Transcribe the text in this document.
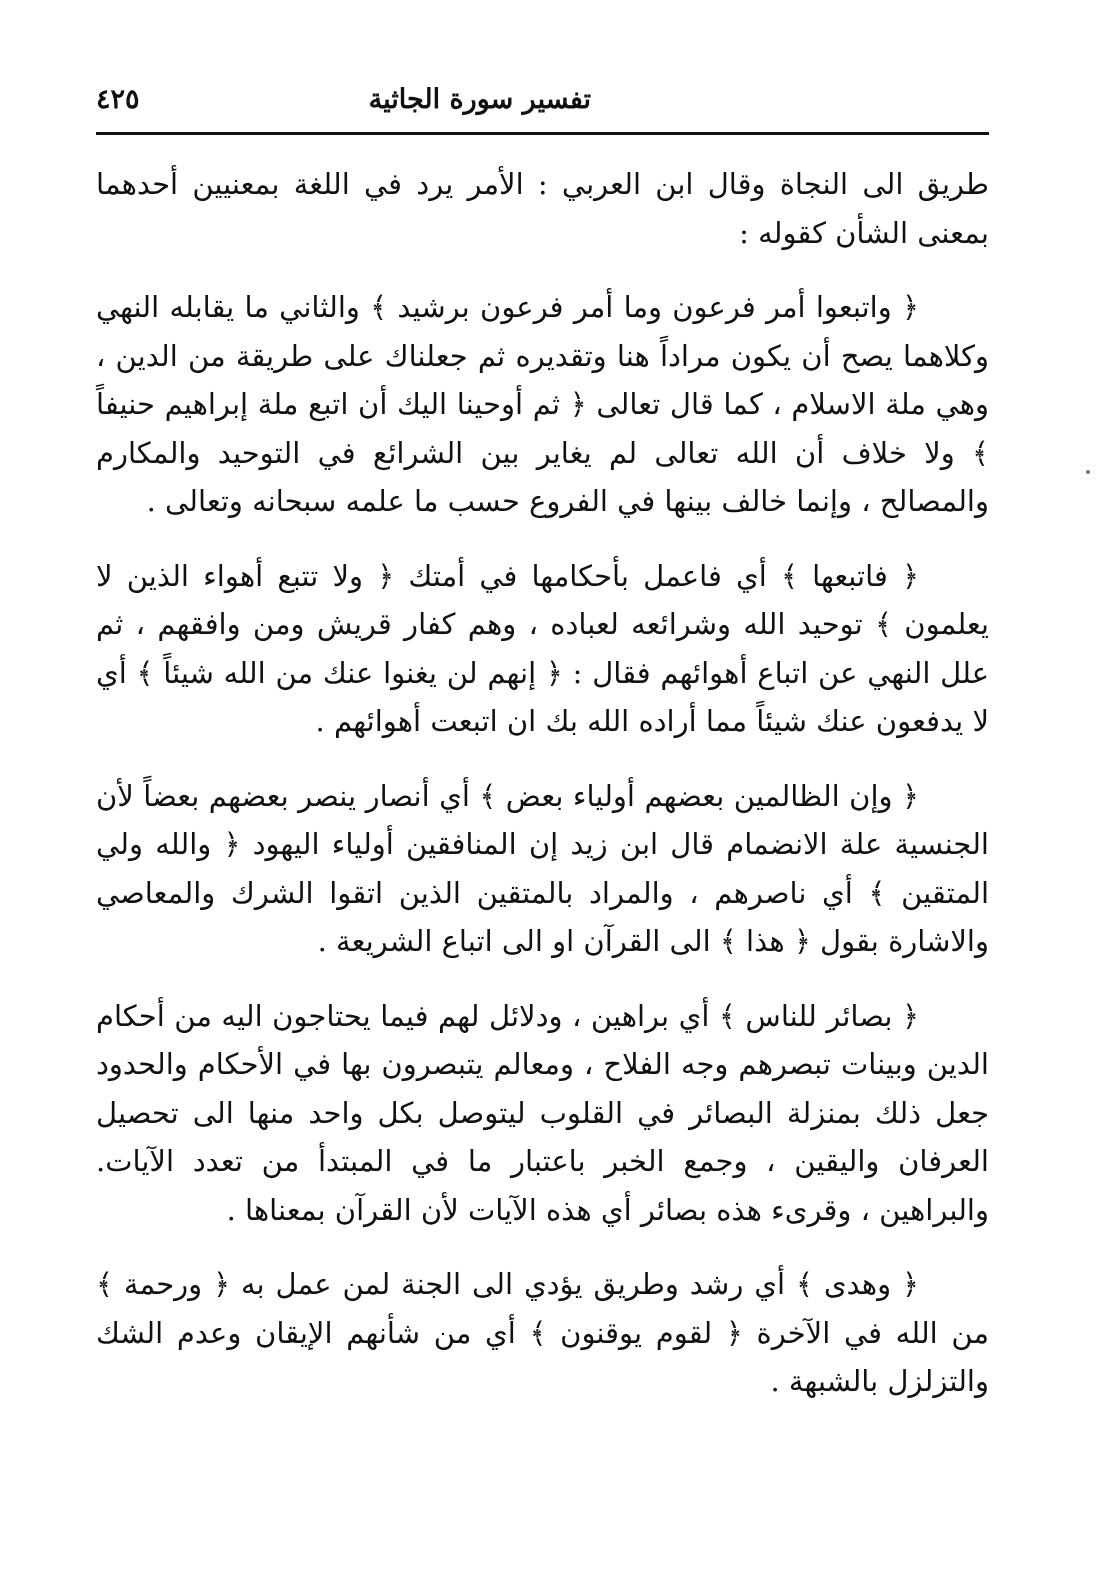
تفسير سورة الجاثية
٤٢٥

طريق الى النجاة وقال ابن العربي : الأمر يرد في اللغة بمعنيين أحدهما بمعنى الشأن كقوله :

﴿ واتبعوا أمر فرعون وما أمر فرعون برشيد ﴾ والثاني ما يقابله النهي وكلاهما يصح أن يكون مراداً هنا وتقديره ثم جعلناك على طريقة من الدين ، وهي ملة الاسلام ، كما قال تعالى ﴿ ثم أوحينا اليك أن اتبع ملة إبراهيم حنيفاً ﴾ ولا خلاف أن الله تعالى لم يغاير بين الشرائع في التوحيد والمكارم والمصالح ، وإنما خالف بينها في الفروع حسب ما علمه سبحانه وتعالى .

﴿ فاتبعها ﴾ أي فاعمل بأحكامها في أمتك ﴿ ولا تتبع أهواء الذين لا يعلمون ﴾ توحيد الله وشرائعه لعباده ، وهم كفار قريش ومن وافقهم ، ثم علل النهي عن اتباع أهوائهم فقال : ﴿ إنهم لن يغنوا عنك من الله شيئاً ﴾ أي لا يدفعون عنك شيئاً مما أراده الله بك ان اتبعت أهوائهم .

﴿ وإن الظالمين بعضهم أولياء بعض ﴾ أي أنصار ينصر بعضهم بعضاً لأن الجنسية علة الانضمام قال ابن زيد إن المنافقين أولياء اليهود ﴿ والله ولي المتقين ﴾ أي ناصرهم ، والمراد بالمتقين الذين اتقوا الشرك والمعاصي والاشارة بقول ﴿ هذا ﴾ الى القرآن او الى اتباع الشريعة .

﴿ بصائر للناس ﴾ أي براهين ، ودلائل لهم فيما يحتاجون اليه من أحكام الدين وبينات تبصرهم وجه الفلاح ، ومعالم يتبصرون بها في الأحكام والحدود جعل ذلك بمنزلة البصائر في القلوب ليتوصل بكل واحد منها الى تحصيل العرفان واليقين ، وجمع الخبر باعتبار ما في المبتدأ من تعدد الآيات. والبراهين ، وقرىء هذه بصائر أي هذه الآيات لأن القرآن بمعناها .

﴿ وهدى ﴾ أي رشد وطريق يؤدي الى الجنة لمن عمل به ﴿ ورحمة ﴾ من الله في الآخرة ﴿ لقوم يوقنون ﴾ أي من شأنهم الإيقان وعدم الشك والتزلزل بالشبهة .
